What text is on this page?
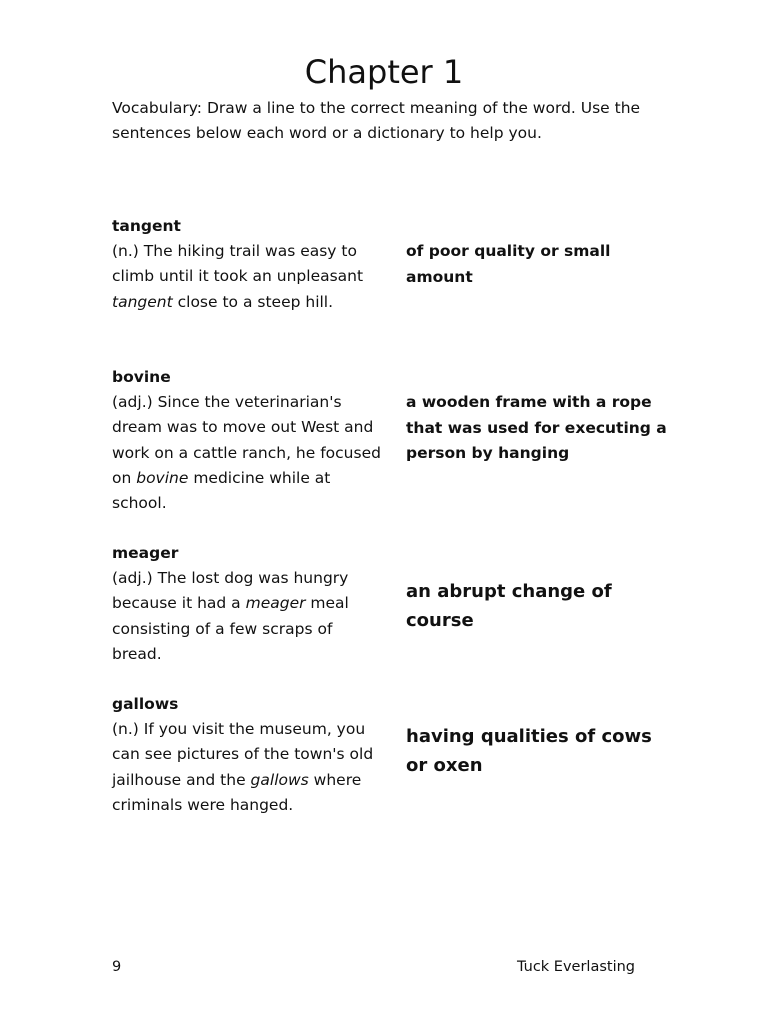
Chapter 1
Vocabulary: Draw a line to the correct meaning of the word. Use the sentences below each word or a dictionary to help you.
tangent
(n.) The hiking trail was easy to climb until it took an unpleasant tangent close to a steep hill.
bovine
(adj.) Since the veterinarian's dream was to move out West and work on a cattle ranch, he focused on bovine medicine while at school.
meager
(adj.) The lost dog was hungry because it had a meager meal consisting of a few scraps of bread.
gallows
(n.) If you visit the museum, you can see pictures of the town's old jailhouse and the gallows where criminals were hanged.
of poor quality or small amount
a wooden frame with a rope that was used for executing a person by hanging
an abrupt change of course
having qualities of cows or oxen
9	Tuck Everlasting
